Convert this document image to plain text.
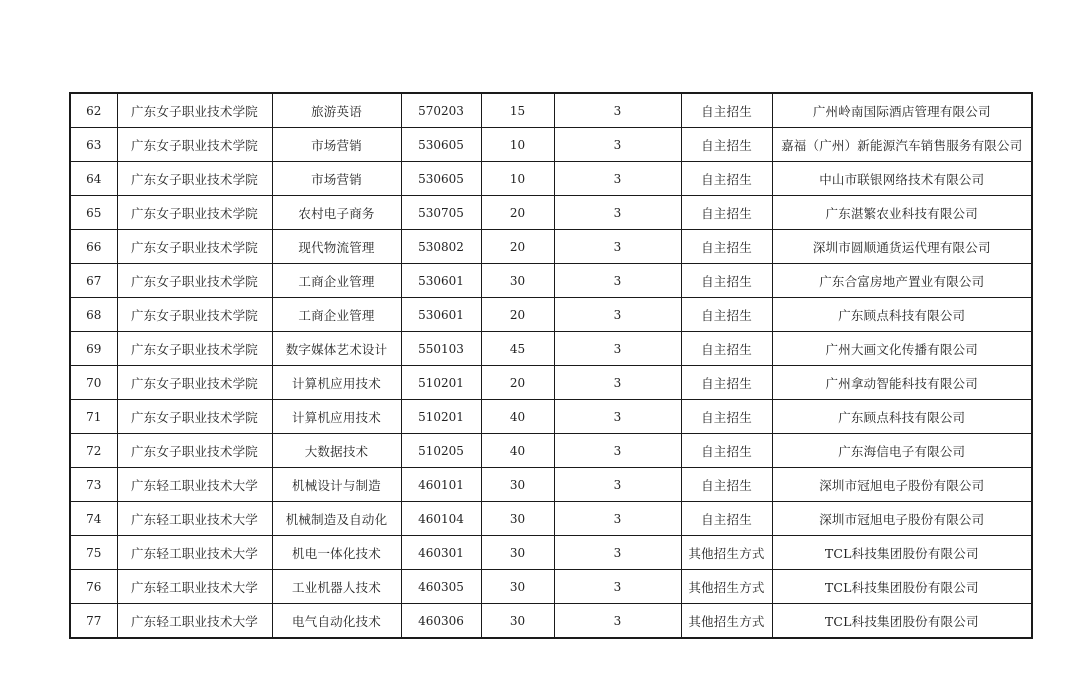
62	广东女子职业技术学院	旅游英语	570203	15	3	自主招生	广州岭南国际酒店管理有限公司
63	广东女子职业技术学院	市场营销	530605	10	3	自主招生	嘉福（广州）新能源汽车销售服务有限公司
64	广东女子职业技术学院	市场营销	530605	10	3	自主招生	中山市联银网络技术有限公司
65	广东女子职业技术学院	农村电子商务	530705	20	3	自主招生	广东湛繁农业科技有限公司
66	广东女子职业技术学院	现代物流管理	530802	20	3	自主招生	深圳市圆顺通货运代理有限公司
67	广东女子职业技术学院	工商企业管理	530601	30	3	自主招生	广东合富房地产置业有限公司
68	广东女子职业技术学院	工商企业管理	530601	20	3	自主招生	广东顾点科技有限公司
69	广东女子职业技术学院	数字媒体艺术设计	550103	45	3	自主招生	广州大画文化传播有限公司
70	广东女子职业技术学院	计算机应用技术	510201	20	3	自主招生	广州拿动智能科技有限公司
71	广东女子职业技术学院	计算机应用技术	510201	40	3	自主招生	广东顾点科技有限公司
72	广东女子职业技术学院	大数据技术	510205	40	3	自主招生	广东海信电子有限公司
73	广东轻工职业技术大学	机械设计与制造	460101	30	3	自主招生	深圳市冠旭电子股份有限公司
74	广东轻工职业技术大学	机械制造及自动化	460104	30	3	自主招生	深圳市冠旭电子股份有限公司
75	广东轻工职业技术大学	机电一体化技术	460301	30	3	其他招生方式	TCL科技集团股份有限公司
76	广东轻工职业技术大学	工业机器人技术	460305	30	3	其他招生方式	TCL科技集团股份有限公司
77	广东轻工职业技术大学	电气自动化技术	460306	30	3	其他招生方式	TCL科技集团股份有限公司
